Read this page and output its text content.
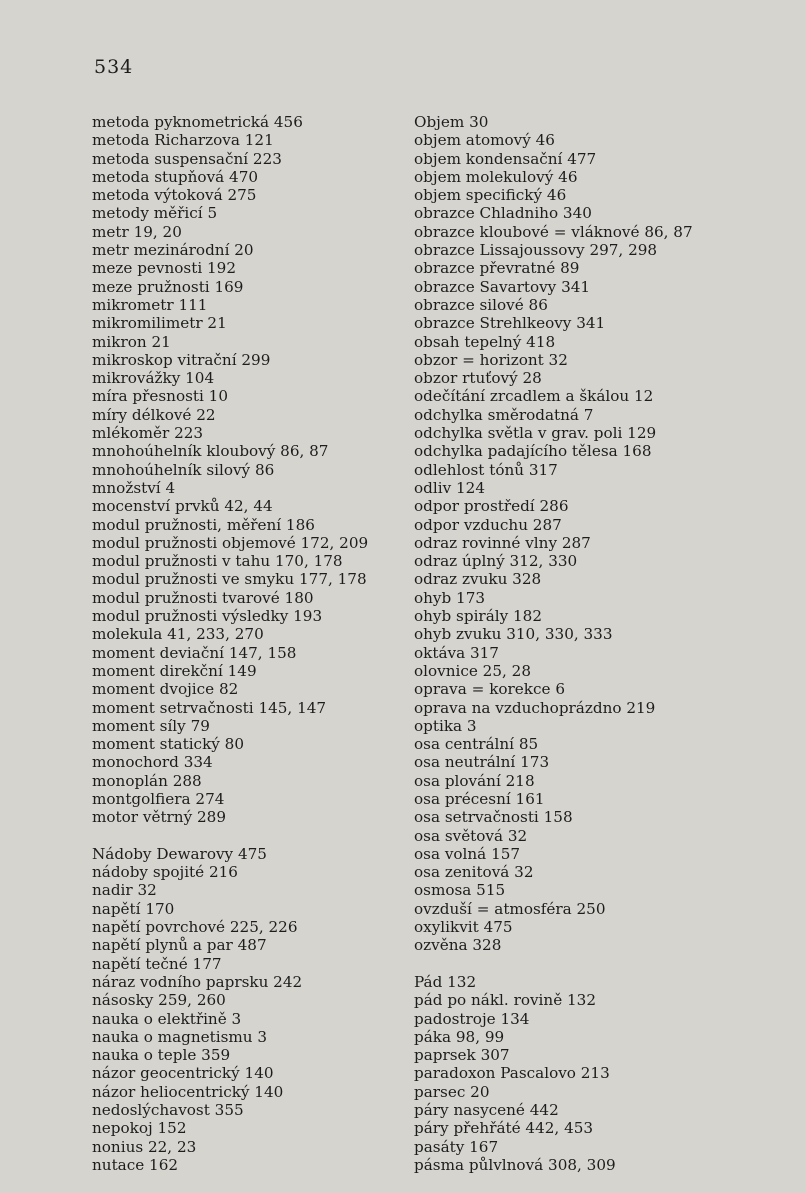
534
metoda pyknometrická 456
metoda Richarzova 121
metoda suspensační 223
metoda stupňová 470
metoda výtoková 275
metody měřicí 5
metr 19, 20
metr mezinárodní 20
meze pevnosti 192
meze pružnosti 169
mikrometr 111
mikromilimetr 21
mikron 21
mikroskop vitrační 299
mikrovážky 104
míra přesnosti 10
míry délkové 22
mlékoměr 223
mnohoúhelník kloubový 86, 87
mnohoúhelník silový 86
množství 4
mocenství prvků 42, 44
modul pružnosti, měření 186
modul pružnosti objemové 172, 209
modul pružnosti v tahu 170, 178
modul pružnosti ve smyku 177, 178
modul pružnosti tvarové 180
modul pružnosti výsledky 193
molekula 41, 233, 270
moment deviační 147, 158
moment direkční 149
moment dvojice 82
moment setrvačnosti 145, 147
moment síly 79
moment statický 80
monochord 334
monoplán 288
montgolfiera 274
motor větrný 289
Nádoby Dewarovy 475
nádoby spojité 216
nadir 32
napětí 170
napětí povrchové 225, 226
napětí plynů a par 487
napětí tečné 177
náraz vodního paprsku 242
násosky 259, 260
nauka o elektřině 3
nauka o magnetismu 3
nauka o teple 359
názor geocentrický 140
názor heliocentrický 140
nedoslýchavost 355
nepokoj 152
nonius 22, 23
nutace 162
Objem 30
objem atomový 46
objem kondensační 477
objem molekulový 46
objem specifický 46
obrazce Chladniho 340
obrazce kloubové = vláknové 86, 87
obrazce Lissajoussovy 297, 298
obrazce převratné 89
obrazce Savartovy 341
obrazce silové 86
obrazce Strehlkeovy 341
obsah tepelný 418
obzor = horizont 32
obzor rtuťový 28
odečítání zrcadlem a škálou 12
odchylka směrodatná 7
odchylka světla v grav. poli 129
odchylka padajícího tělesa 168
odlehlost tónů 317
odliv 124
odpor prostředí 286
odpor vzduchu 287
odraz rovinné vlny 287
odraz úplný 312, 330
odraz zvuku 328
ohyb 173
ohyb spirály 182
ohyb zvuku 310, 330, 333
oktáva 317
olovnice 25, 28
oprava = korekce 6
oprava na vzduchoprázdno 219
optika 3
osa centrální 85
osa neutrální 173
osa plování 218
osa précesní 161
osa setrvačnosti 158
osa světová 32
osa volná 157
osa zenitová 32
osmosa 515
ovzduší = atmosféra 250
oxylikvit 475
ozvěna 328
Pád 132
pád po nákl. rovině 132
padostroje 134
páka 98, 99
paprsek 307
paradoxon Pascalovo 213
parsec 20
páry nasycené 442
páry přehřáté 442, 453
pasáty 167
pásma půlvlnová 308, 309
